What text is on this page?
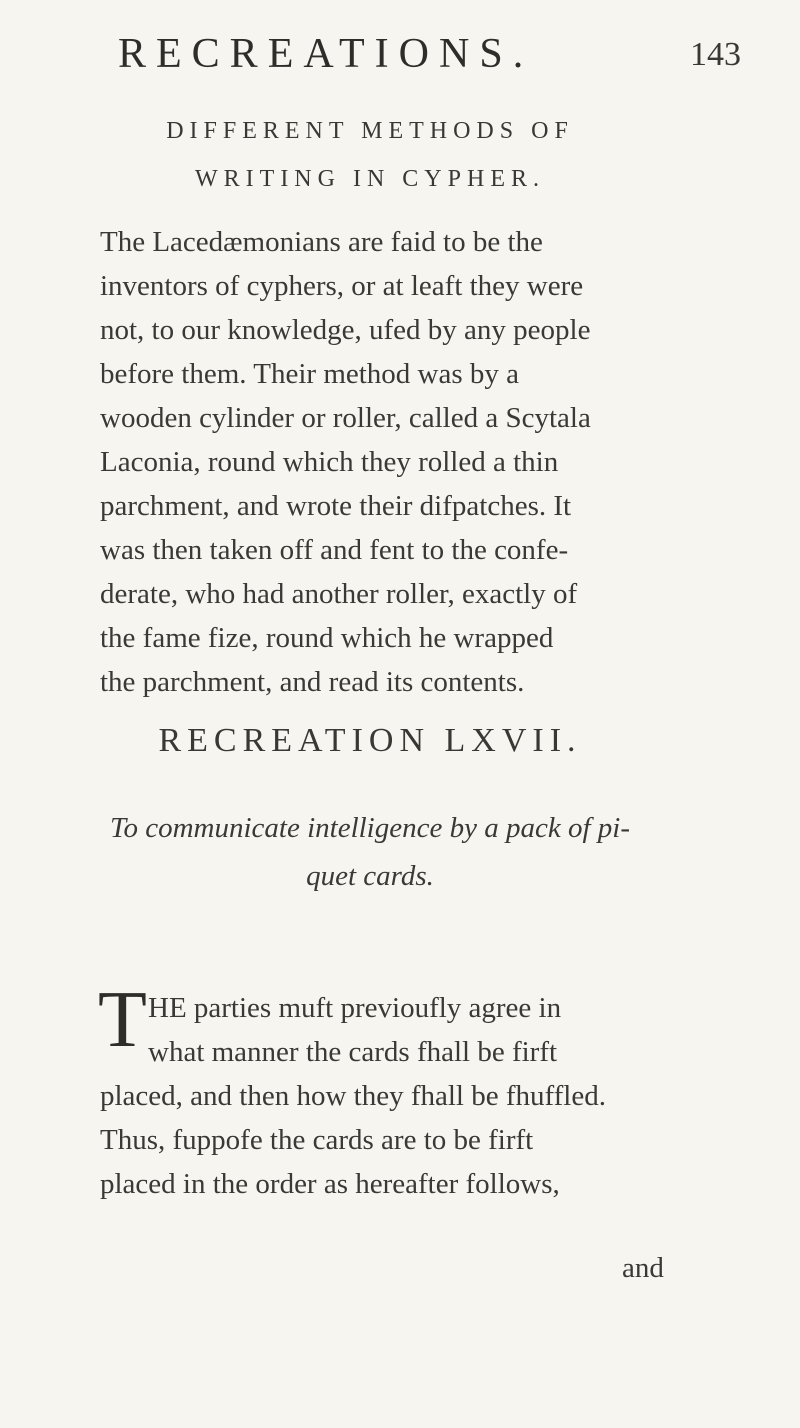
RECREATIONS.	143
DIFFERENT METHODS OF
WRITING IN CYPHER.
The Lacedæmonians are faid to be the
inventors of cyphers, or at leaft they were
not, to our knowledge, ufed by any people
before them. Their method was by a
wooden cylinder or roller, called a Scytala
Laconia, round which they rolled a thin
parchment, and wrote their difpatches. It
was then taken off and fent to the confe-
derate, who had another roller, exactly of
the fame fize, round which he wrapped
the parchment, and read its contents.
RECREATION LXVII.
To communicate intelligence by a pack of pi-
quet cards.
T HE parties muft previoufly agree in
what manner the cards fhall be firft
placed, and then how they fhall be fhuffled.
Thus, fuppofe the cards are to be firft
placed in the order as hereafter follows,
and
